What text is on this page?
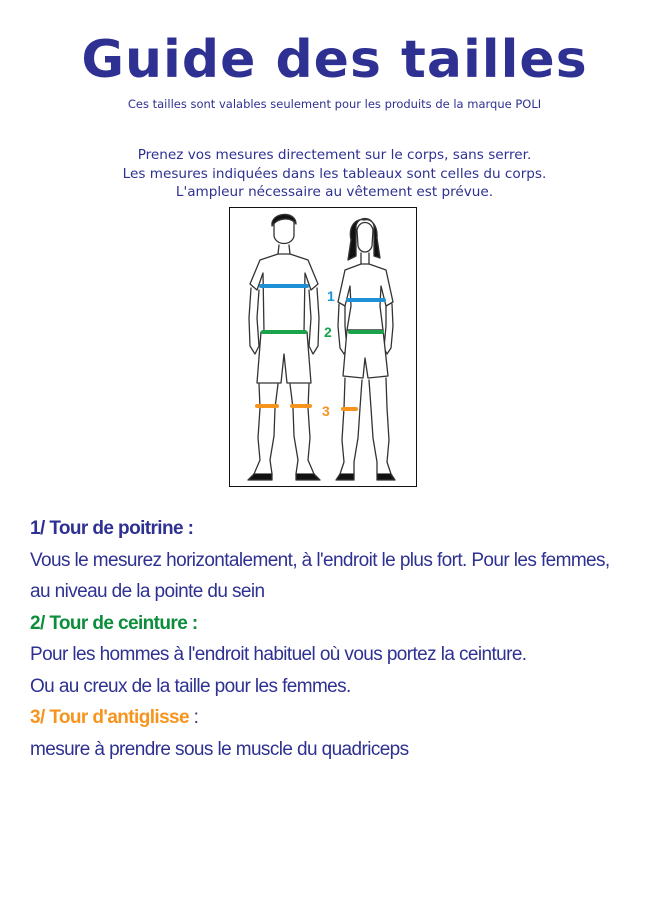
Guide des tailles
Ces tailles sont valables seulement pour les produits de la marque POLI
Prenez vos mesures directement sur le corps, sans serrer.
Les mesures indiquées dans les tableaux sont celles du corps.
L'ampleur nécessaire au vêtement est prévue.
1
2
3
1/ Tour de poitrine :
Vous le mesurez horizontalement, à l'endroit le plus fort. Pour les femmes,
au niveau de la pointe du sein
2/ Tour de ceinture :
Pour les hommes à l'endroit habituel où vous portez la ceinture.
Ou au creux de la taille pour les femmes.
3/ Tour d'antiglisse :
mesure à prendre sous le muscle du quadriceps
